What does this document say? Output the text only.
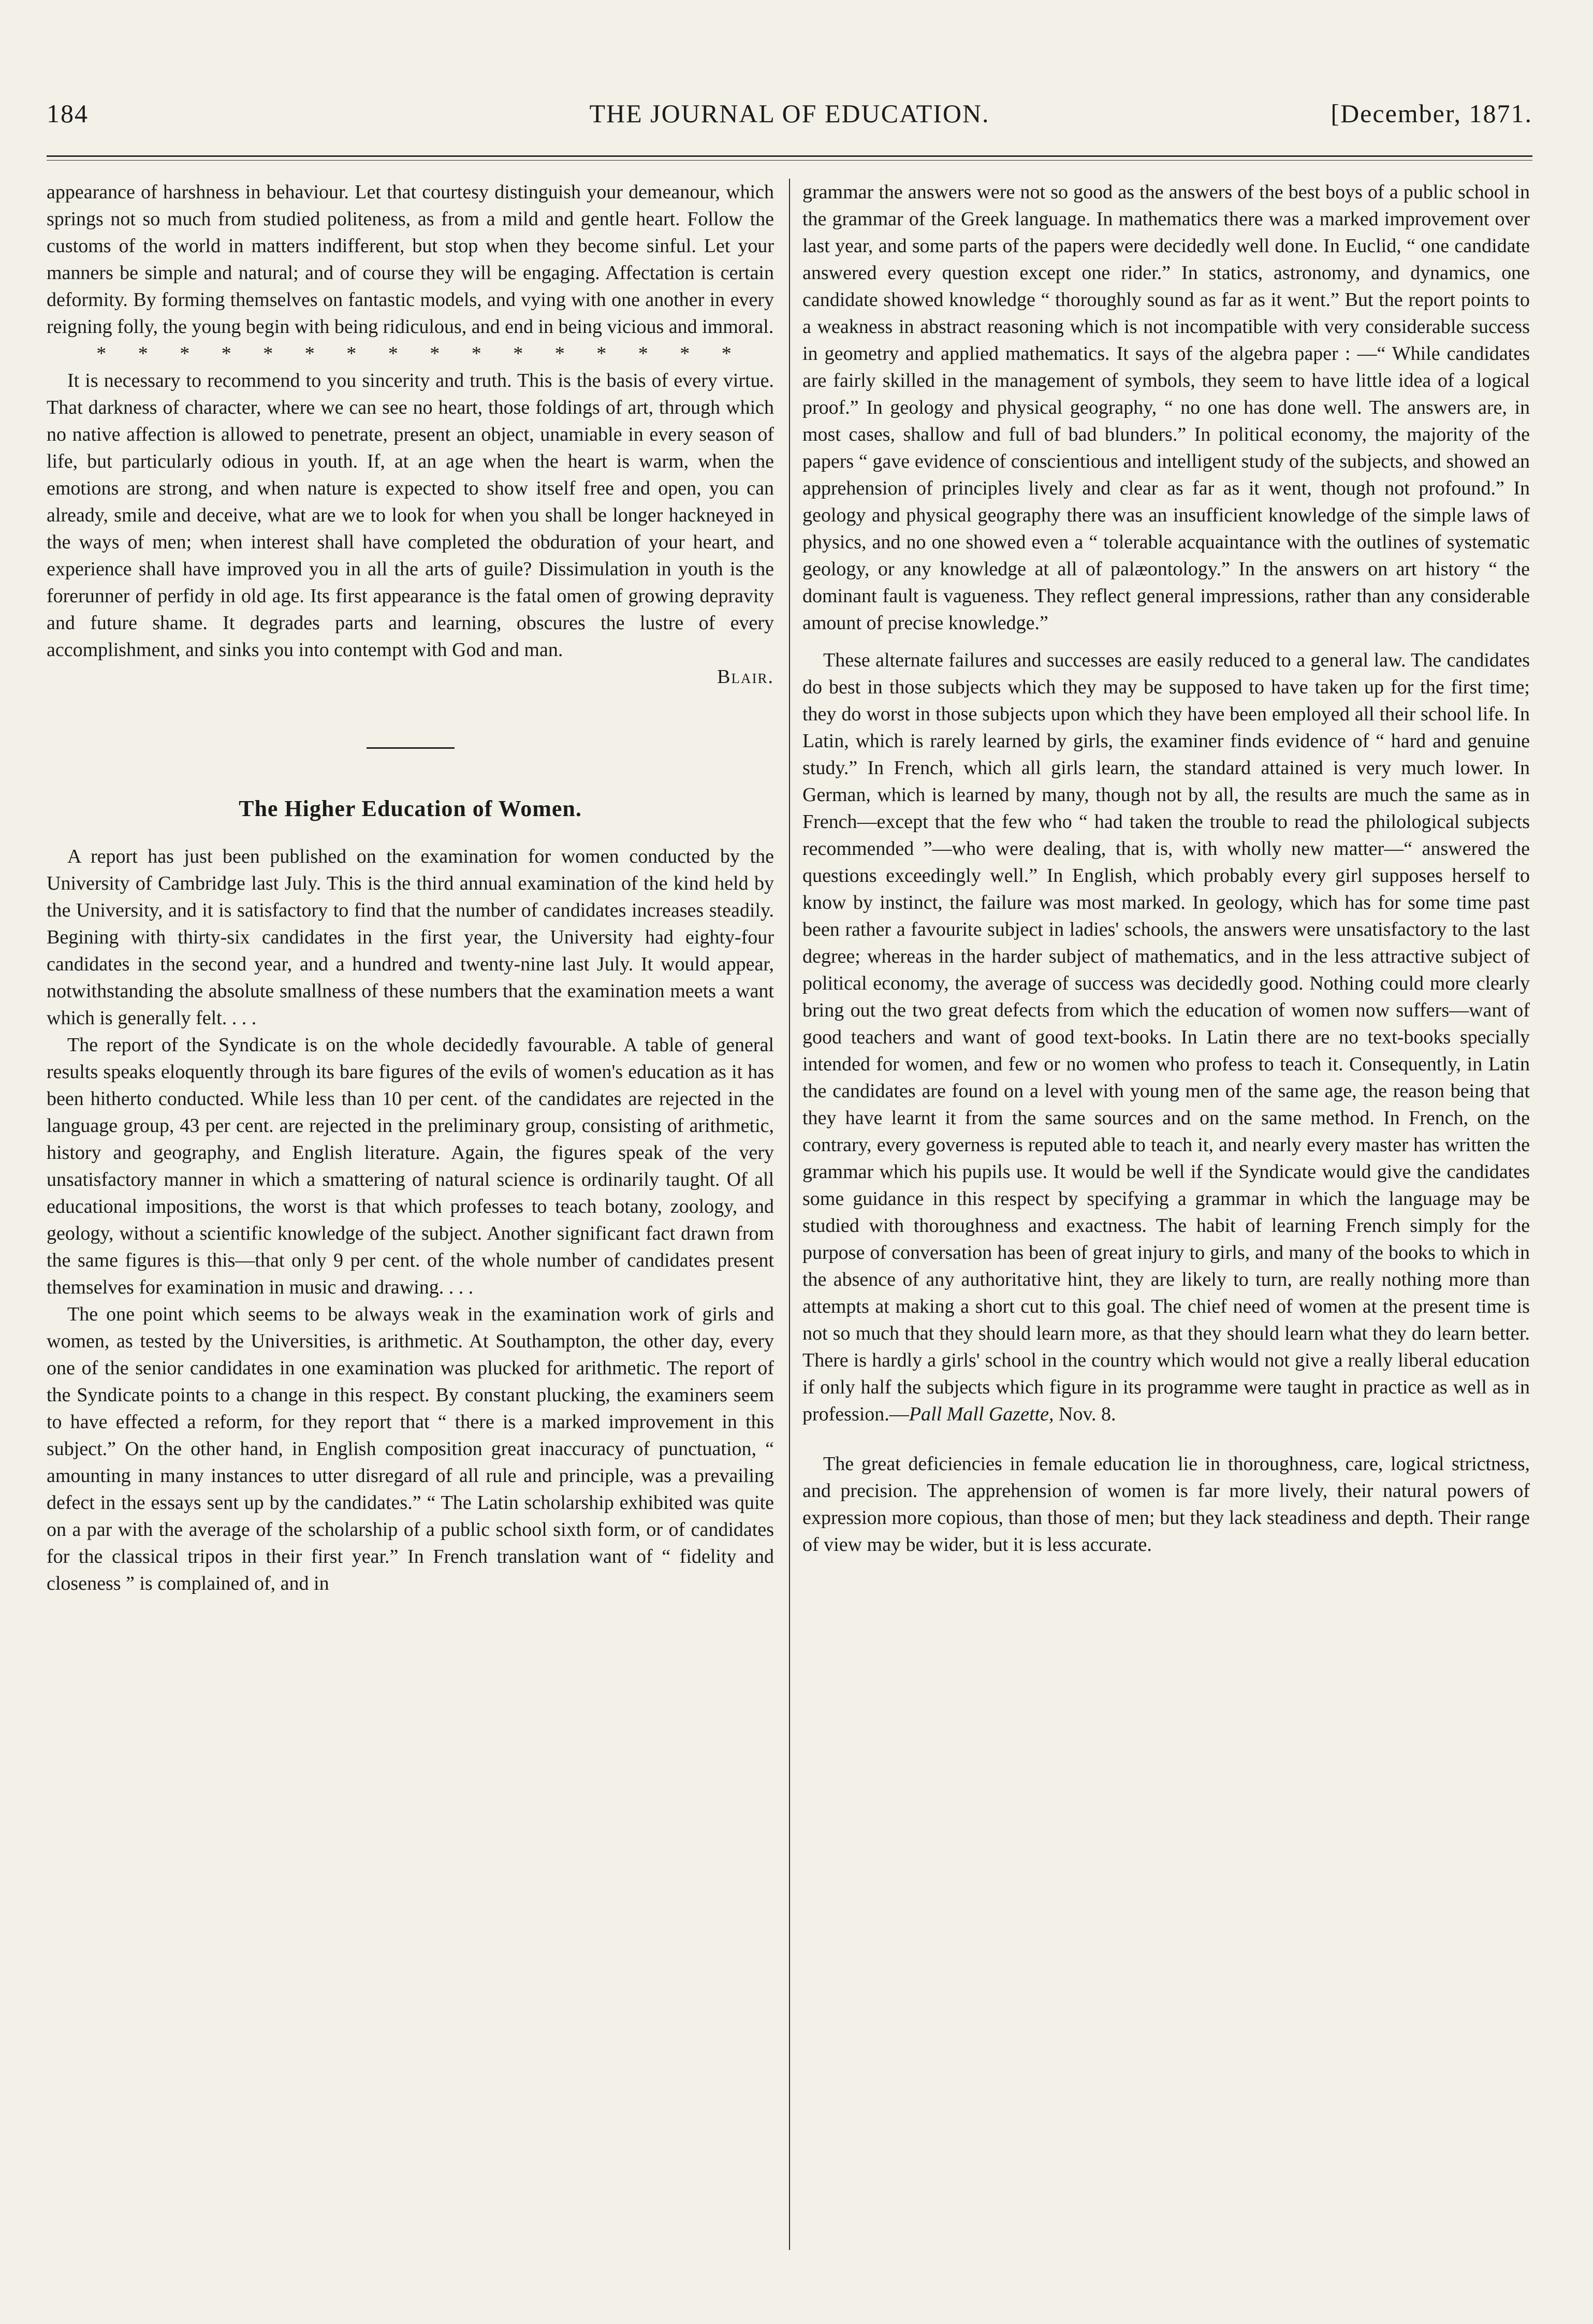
184	THE JOURNAL OF EDUCATION.	[December, 1871.

appearance of harshness in behaviour. Let that courtesy distinguish your demeanour, which springs not so much from studied politeness, as from a mild and gentle heart. Follow the customs of the world in matters indifferent, but stop when they become sinful. Let your manners be simple and natural; and of course they will be engaging. Affectation is certain deformity. By forming themselves on fantastic models, and vying with one another in every reigning folly, the young begin with being ridiculous, and end in being vicious and immoral.

* * * * * * * * * * * * * * * *

It is necessary to recommend to you sincerity and truth. This is the basis of every virtue. That darkness of character, where we can see no heart, those foldings of art, through which no native affection is allowed to penetrate, present an object, unamiable in every season of life, but particularly odious in youth. If, at an age when the heart is warm, when the emotions are strong, and when nature is expected to show itself free and open, you can already, smile and deceive, what are we to look for when you shall be longer hackneyed in the ways of men; when interest shall have completed the obduration of your heart, and experience shall have improved you in all the arts of guile? Dissimulation in youth is the forerunner of perfidy in old age. Its first appearance is the fatal omen of growing depravity and future shame. It degrades parts and learning, obscures the lustre of every accomplishment, and sinks you into contempt with God and man.

Blair.

The Higher Education of Women.

A report has just been published on the examination for women conducted by the University of Cambridge last July. This is the third annual examination of the kind held by the University, and it is satisfactory to find that the number of candidates increases steadily. Begining with thirty-six candidates in the first year, the University had eighty-four candidates in the second year, and a hundred and twenty-nine last July. It would appear, notwithstanding the absolute smallness of these numbers that the examination meets a want which is generally felt. . . .

The report of the Syndicate is on the whole decidedly favourable. A table of general results speaks eloquently through its bare figures of the evils of women's education as it has been hitherto conducted. While less than 10 per cent. of the candidates are rejected in the language group, 43 per cent. are rejected in the preliminary group, consisting of arithmetic, history and geography, and English literature. Again, the figures speak of the very unsatisfactory manner in which a smattering of natural science is ordinarily taught. Of all educational impositions, the worst is that which professes to teach botany, zoology, and geology, without a scientific knowledge of the subject. Another significant fact drawn from the same figures is this—that only 9 per cent. of the whole number of candidates present themselves for examination in music and drawing. . . .

The one point which seems to be always weak in the examination work of girls and women, as tested by the Universities, is arithmetic. At Southampton, the other day, every one of the senior candidates in one examination was plucked for arithmetic. The report of the Syndicate points to a change in this respect. By constant plucking, the examiners seem to have effected a reform, for they report that “ there is a marked improvement in this subject.” On the other hand, in English composition great inaccuracy of punctuation, “ amounting in many instances to utter disregard of all rule and principle, was a prevailing defect in the essays sent up by the candidates.” “ The Latin scholarship exhibited was quite on a par with the average of the scholarship of a public school sixth form, or of candidates for the classical tripos in their first year.” In French translation want of “ fidelity and closeness ” is complained of, and in

grammar the answers were not so good as the answers of the best boys of a public school in the grammar of the Greek language. In mathematics there was a marked improvement over last year, and some parts of the papers were decidedly well done. In Euclid, “ one candidate answered every question except one rider.” In statics, astronomy, and dynamics, one candidate showed knowledge “ thoroughly sound as far as it went.” But the report points to a weakness in abstract reasoning which is not incompatible with very considerable success in geometry and applied mathematics. It says of the algebra paper : —“ While candidates are fairly skilled in the management of symbols, they seem to have little idea of a logical proof.” In geology and physical geography, “ no one has done well. The answers are, in most cases, shallow and full of bad blunders.” In political economy, the majority of the papers “ gave evidence of conscientious and intelligent study of the subjects, and showed an apprehension of principles lively and clear as far as it went, though not profound.” In geology and physical geography there was an insufficient knowledge of the simple laws of physics, and no one showed even a “ tolerable acquaintance with the outlines of systematic geology, or any knowledge at all of palæontology.” In the answers on art history “ the dominant fault is vagueness. They reflect general impressions, rather than any considerable amount of precise knowledge.”

These alternate failures and successes are easily reduced to a general law. The candidates do best in those subjects which they may be supposed to have taken up for the first time; they do worst in those subjects upon which they have been employed all their school life. In Latin, which is rarely learned by girls, the examiner finds evidence of “ hard and genuine study.” In French, which all girls learn, the standard attained is very much lower. In German, which is learned by many, though not by all, the results are much the same as in French—except that the few who “ had taken the trouble to read the philological subjects recommended ”—who were dealing, that is, with wholly new matter—“ answered the questions exceedingly well.” In English, which probably every girl supposes herself to know by instinct, the failure was most marked. In geology, which has for some time past been rather a favourite subject in ladies' schools, the answers were unsatisfactory to the last degree; whereas in the harder subject of mathematics, and in the less attractive subject of political economy, the average of success was decidedly good. Nothing could more clearly bring out the two great defects from which the education of women now suffers—want of good teachers and want of good text-books. In Latin there are no text-books specially intended for women, and few or no women who profess to teach it. Consequently, in Latin the candidates are found on a level with young men of the same age, the reason being that they have learnt it from the same sources and on the same method. In French, on the contrary, every governess is reputed able to teach it, and nearly every master has written the grammar which his pupils use. It would be well if the Syndicate would give the candidates some guidance in this respect by specifying a grammar in which the language may be studied with thoroughness and exactness. The habit of learning French simply for the purpose of conversation has been of great injury to girls, and many of the books to which in the absence of any authoritative hint, they are likely to turn, are really nothing more than attempts at making a short cut to this goal. The chief need of women at the present time is not so much that they should learn more, as that they should learn what they do learn better. There is hardly a girls' school in the country which would not give a really liberal education if only half the subjects which figure in its programme were taught in practice as well as in profession.—Pall Mall Gazette, Nov. 8.

The great deficiencies in female education lie in thoroughness, care, logical strictness, and precision. The apprehension of women is far more lively, their natural powers of expression more copious, than those of men; but they lack steadiness and depth. Their range of view may be wider, but it is less accurate.
